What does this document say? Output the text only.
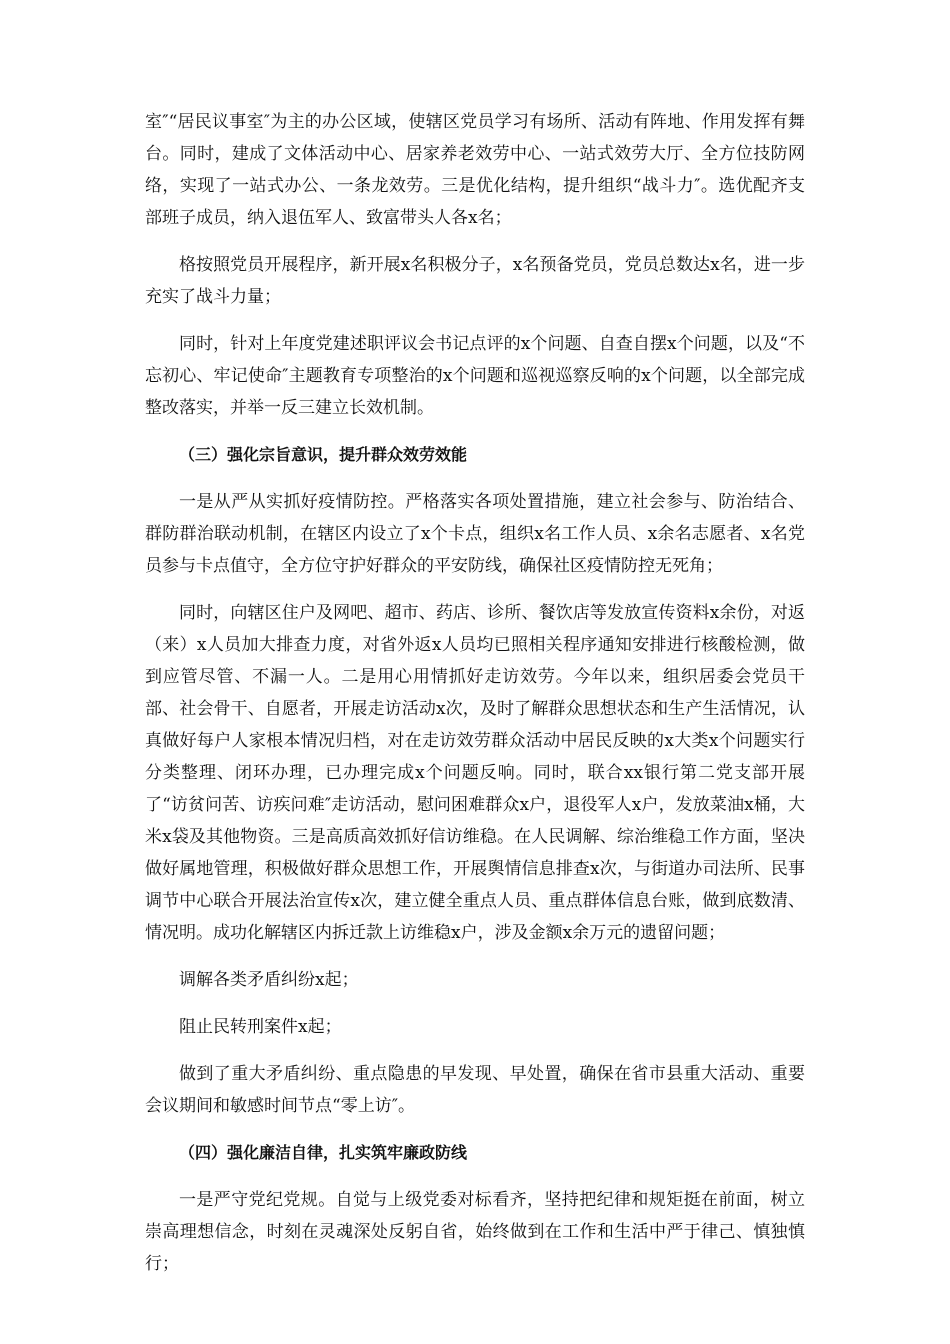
室″“居民议事室″为主的办公区域，使辖区党员学习有场所、活动有阵地、作用发挥有舞台。同时，建成了文体活动中心、居家养老效劳中心、一站式效劳大厅、全方位技防网络，实现了一站式办公、一条龙效劳。三是优化结构，提升组织“战斗力″。选优配齐支部班子成员，纳入退伍军人、致富带头人各x名；

格按照党员开展程序，新开展x名积极分子，x名预备党员，党员总数达x名，进一步充实了战斗力量；

同时，针对上年度党建述职评议会书记点评的x个问题、自查自摆x个问题，以及“不忘初心、牢记使命″主题教育专项整治的x个问题和巡视巡察反响的x个问题，以全部完成整改落实，并举一反三建立长效机制。

（三）强化宗旨意识，提升群众效劳效能

一是从严从实抓好疫情防控。严格落实各项处置措施，建立社会参与、防治结合、群防群治联动机制，在辖区内设立了x个卡点，组织x名工作人员、x余名志愿者、x名党员参与卡点值守，全方位守护好群众的平安防线，确保社区疫情防控无死角；

同时，向辖区住户及网吧、超市、药店、诊所、餐饮店等发放宣传资料x余份，对返（来）x人员加大排查力度，对省外返x人员均已照相关程序通知安排进行核酸检测，做到应管尽管、不漏一人。二是用心用情抓好走访效劳。今年以来，组织居委会党员干部、社会骨干、自愿者，开展走访活动x次，及时了解群众思想状态和生产生活情况，认真做好每户人家根本情况归档，对在走访效劳群众活动中居民反映的x大类x个问题实行分类整理、闭环办理，已办理完成x个问题反响。同时，联合xx银行第二党支部开展了“访贫问苦、访疾问难″走访活动，慰问困难群众x户，退役军人x户，发放菜油x桶，大米x袋及其他物资。三是高质高效抓好信访维稳。在人民调解、综治维稳工作方面，坚决做好属地管理，积极做好群众思想工作，开展舆情信息排查x次，与街道办司法所、民事调节中心联合开展法治宣传x次，建立健全重点人员、重点群体信息台账，做到底数清、情况明。成功化解辖区内拆迁款上访维稳x户，涉及金额x余万元的遗留问题；

调解各类矛盾纠纷x起；

阻止民转刑案件x起；

做到了重大矛盾纠纷、重点隐患的早发现、早处置，确保在省市县重大活动、重要会议期间和敏感时间节点“零上访″。

（四）强化廉洁自律，扎实筑牢廉政防线

一是严守党纪党规。自觉与上级党委对标看齐，坚持把纪律和规矩挺在前面，树立崇高理想信念，时刻在灵魂深处反躬自省，始终做到在工作和生活中严于律己、慎独慎行；
